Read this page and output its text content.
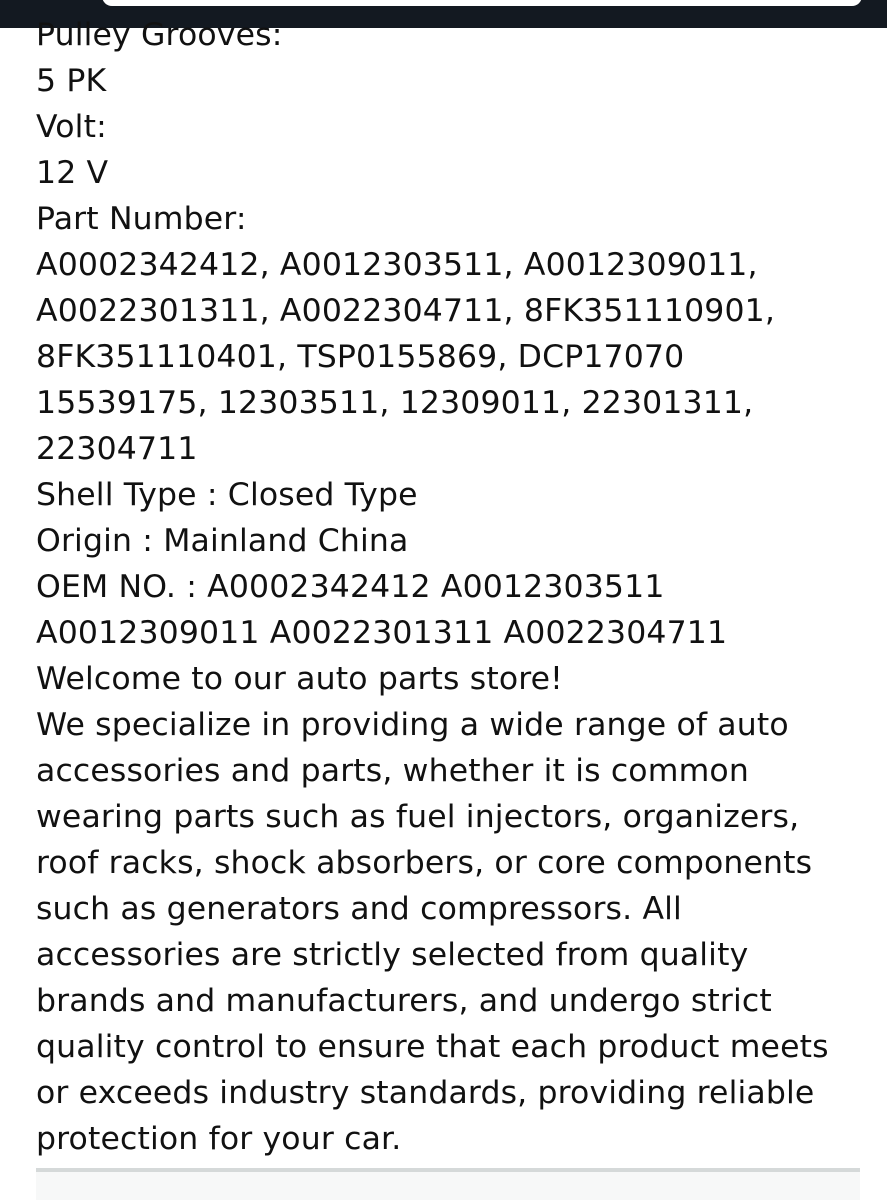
Pulley Grooves:
5 PK
Volt:
12 V
Part Number:
A0002342412, A0012303511, A0012309011,
A0022301311, A0022304711, 8FK351110901,
8FK351110401, TSP0155869, DCP17070
15539175, 12303511, 12309011, 22301311,
22304711
Shell Type : Closed Type
Origin : Mainland China
OEM NO. : A0002342412 A0012303511
A0012309011 A0022301311 A0022304711
Welcome to our auto parts store!
We specialize in providing a wide range of auto
accessories and parts, whether it is common
wearing parts such as fuel injectors, organizers,
roof racks, shock absorbers, or core components
such as generators and compressors. All
accessories are strictly selected from quality
brands and manufacturers, and undergo strict
quality control to ensure that each product meets
or exceeds industry standards, providing reliable
protection for your car.
